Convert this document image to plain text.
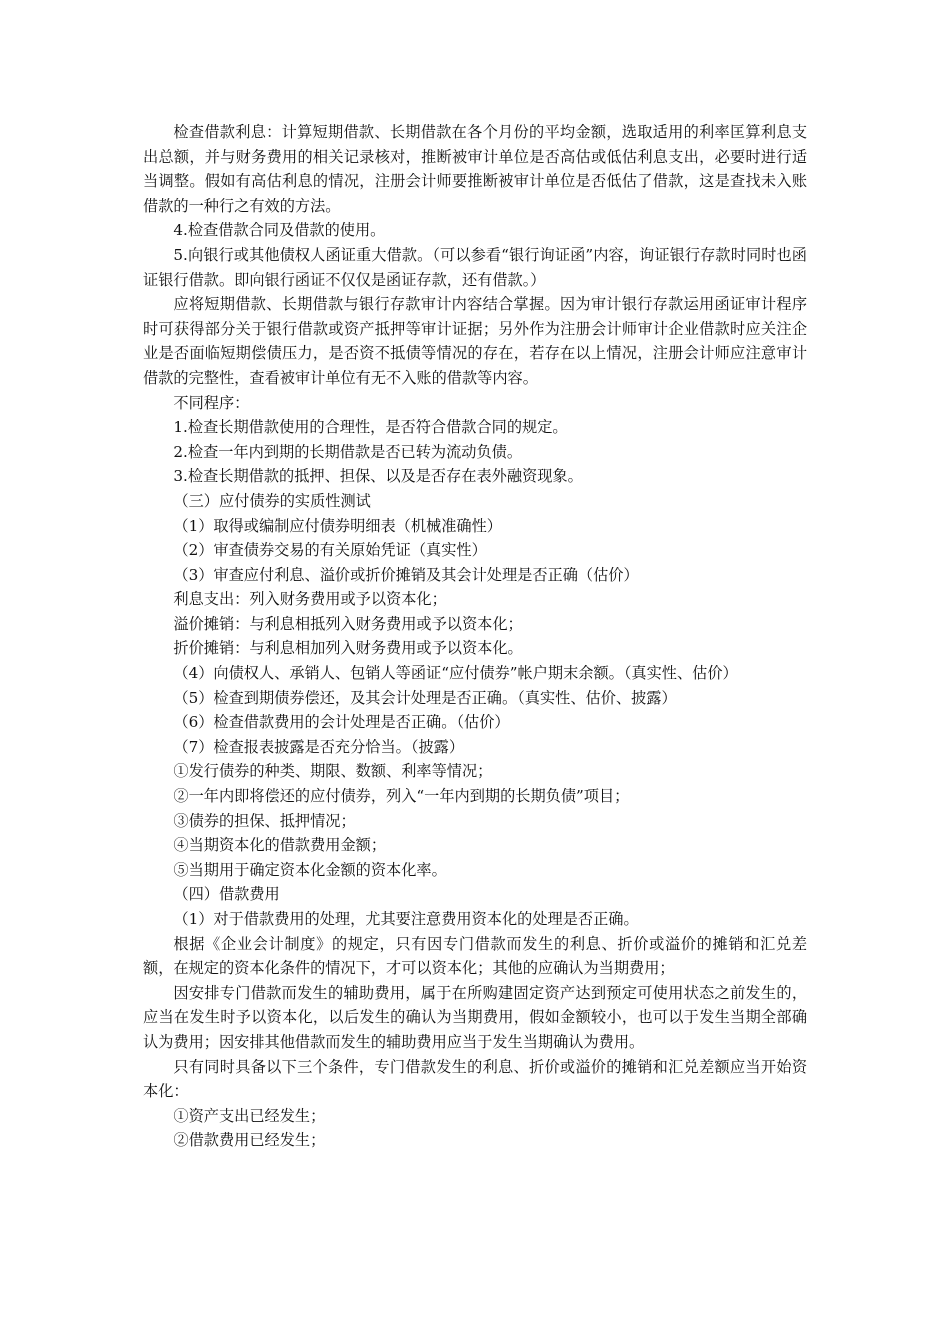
检查借款利息：计算短期借款、长期借款在各个月份的平均金额，选取适用的利率匡算利息支出总额，并与财务费用的相关记录核对，推断被审计单位是否高估或低估利息支出，必要时进行适当调整。假如有高估利息的情况，注册会计师要推断被审计单位是否低估了借款，这是查找未入账借款的一种行之有效的方法。

4.检查借款合同及借款的使用。

5.向银行或其他债权人函证重大借款。（可以参看“银行询证函”内容，询证银行存款时同时也函证银行借款。即向银行函证不仅仅是函证存款，还有借款。）

应将短期借款、长期借款与银行存款审计内容结合掌握。因为审计银行存款运用函证审计程序时可获得部分关于银行借款或资产抵押等审计证据；另外作为注册会计师审计企业借款时应关注企业是否面临短期偿债压力，是否资不抵债等情况的存在，若存在以上情况，注册会计师应注意审计借款的完整性，查看被审计单位有无不入账的借款等内容。

不同程序：

1.检查长期借款使用的合理性，是否符合借款合同的规定。

2.检查一年内到期的长期借款是否已转为流动负债。

3.检查长期借款的抵押、担保、以及是否存在表外融资现象。

（三）应付债券的实质性测试

（1）取得或编制应付债券明细表（机械准确性）

（2）审查债券交易的有关原始凭证（真实性）

（3）审查应付利息、溢价或折价摊销及其会计处理是否正确（估价）

利息支出：列入财务费用或予以资本化；

溢价摊销：与利息相抵列入财务费用或予以资本化；

折价摊销：与利息相加列入财务费用或予以资本化。

（4）向债权人、承销人、包销人等函证“应付债券”帐户期末余额。（真实性、估价）

（5）检查到期债券偿还，及其会计处理是否正确。（真实性、估价、披露）

（6）检查借款费用的会计处理是否正确。（估价）

（7）检查报表披露是否充分恰当。（披露）

①发行债券的种类、期限、数额、利率等情况；

②一年内即将偿还的应付债券，列入“一年内到期的长期负债”项目；

③债券的担保、抵押情况；

④当期资本化的借款费用金额；

⑤当期用于确定资本化金额的资本化率。

（四）借款费用

（1）对于借款费用的处理，尤其要注意费用资本化的处理是否正确。

根据《企业会计制度》的规定，只有因专门借款而发生的利息、折价或溢价的摊销和汇兑差额，在规定的资本化条件的情况下，才可以资本化；其他的应确认为当期费用；

因安排专门借款而发生的辅助费用，属于在所购建固定资产达到预定可使用状态之前发生的，应当在发生时予以资本化，以后发生的确认为当期费用，假如金额较小，也可以于发生当期全部确认为费用；因安排其他借款而发生的辅助费用应当于发生当期确认为费用。

只有同时具备以下三个条件，专门借款发生的利息、折价或溢价的摊销和汇兑差额应当开始资本化：

①资产支出已经发生；

②借款费用已经发生；
